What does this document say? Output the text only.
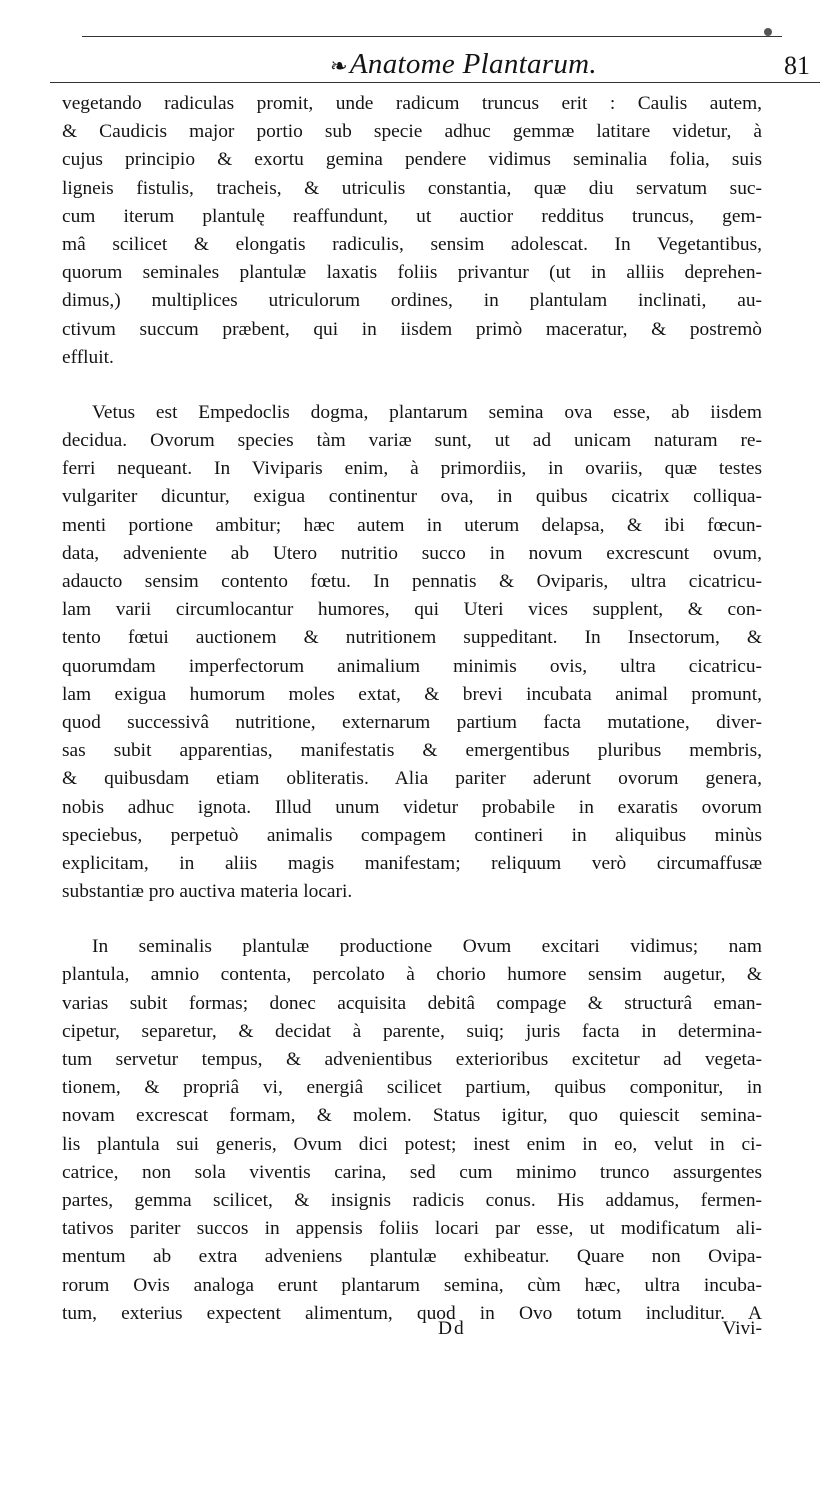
❧Anatome Plantarum.	81
vegetando radiculas promit, unde radicum truncus erit : Caulis autem,
& Caudicis major portio sub specie adhuc gemmæ latitare videtur, à
cujus principio & exortu gemina pendere vidimus seminalia folia, suis
ligneis fistulis, tracheis, & utriculis constantia, quæ diu servatum suc-
cum iterum plantulę reaffundunt, ut auctior redditus truncus, gem-
mâ scilicet & elongatis radiculis, sensim adolescat. In Vegetantibus,
quorum seminales plantulæ laxatis foliis privantur (ut in alliis deprehen-
dimus,) multiplices utriculorum ordines, in plantulam inclinati, au-
ctivum succum præbent, qui in iisdem primò maceratur, & postremò
effluit.
Vetus est Empedoclis dogma, plantarum semina ova esse, ab iisdem
decidua. Ovorum species tàm variæ sunt, ut ad unicam naturam re-
ferri nequeant. In Viviparis enim, à primordiis, in ovariis, quæ testes
vulgariter dicuntur, exigua continentur ova, in quibus cicatrix colliqua-
menti portione ambitur; hæc autem in uterum delapsa, & ibi fœcun-
data, adveniente ab Utero nutritio succo in novum excrescunt ovum,
adaucto sensim contento fœtu. In pennatis & Oviparis, ultra cicatricu-
lam varii circumlocantur humores, qui Uteri vices supplent, & con-
tento fœtui auctionem & nutritionem suppeditant. In Insectorum, &
quorumdam imperfectorum animalium minimis ovis, ultra cicatricu-
lam exigua humorum moles extat, & brevi incubata animal promunt,
quod successivâ nutritione, externarum partium facta mutatione, diver-
sas subit apparentias, manifestatis & emergentibus pluribus membris,
& quibusdam etiam obliteratis. Alia pariter aderunt ovorum genera,
nobis adhuc ignota. Illud unum videtur probabile in exaratis ovorum
speciebus, perpetuò animalis compagem contineri in aliquibus minùs
explicitam, in aliis magis manifestam; reliquum verò circumaffusæ
substantiæ pro auctiva materia locari.
In seminalis plantulæ productione Ovum excitari vidimus; nam
plantula, amnio contenta, percolato à chorio humore sensim augetur, &
varias subit formas; donec acquisita debitâ compage & structurâ eman-
cipetur, separetur, & decidat à parente, suiq; juris facta in determina-
tum servetur tempus, & advenientibus exterioribus excitetur ad vegeta-
tionem, & propriâ vi, energiâ scilicet partium, quibus componitur, in
novam excrescat formam, & molem. Status igitur, quo quiescit semina-
lis plantula sui generis, Ovum dici potest; inest enim in eo, velut in ci-
catrice, non sola viventis carina, sed cum minimo trunco assurgentes
partes, gemma scilicet, & insignis radicis conus. His addamus, fermen-
tativos pariter succos in appensis foliis locari par esse, ut modificatum ali-
mentum ab extra adveniens plantulæ exhibeatur. Quare non Ovipa-
rorum Ovis analoga erunt plantarum semina, cùm hæc, ultra incuba-
tum, exterius expectent alimentum, quod in Ovo totum includitur. A
Dd	Vivi-
